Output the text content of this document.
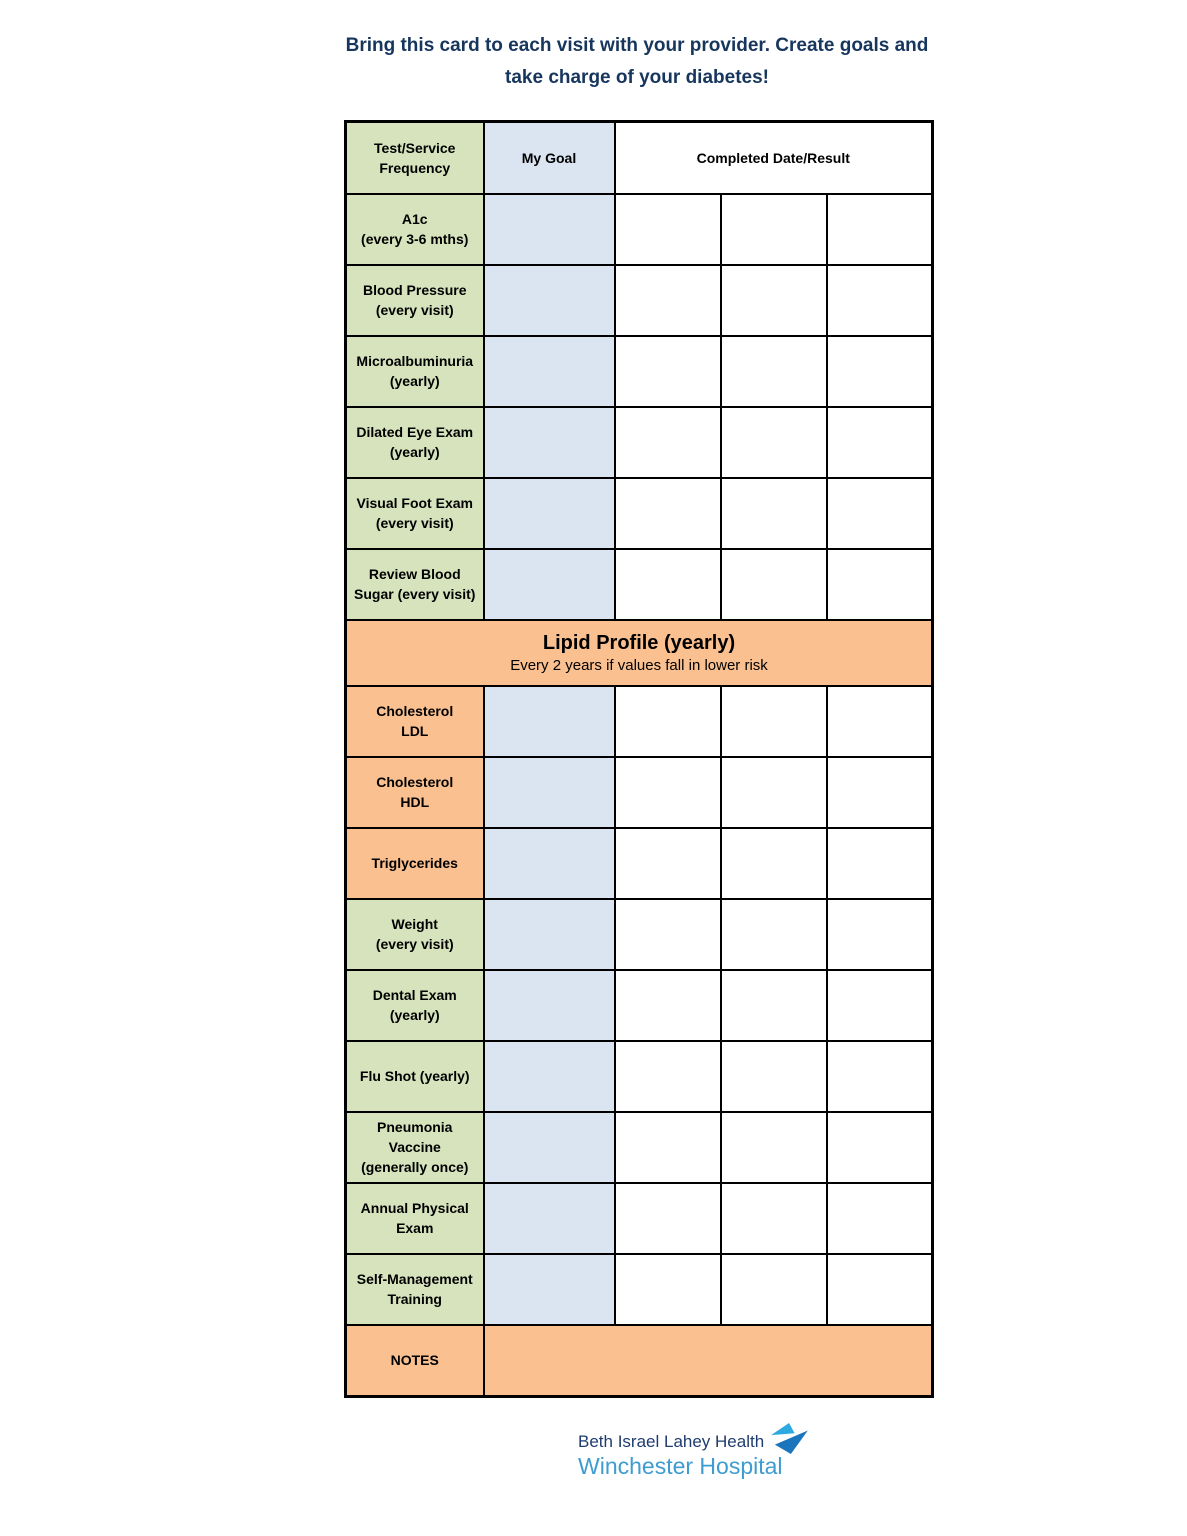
Bring this card to each visit with your provider. Create goals and
take charge of your diabetes!
Test/Service Frequency	My Goal	Completed Date/Result		

A1c
(every 3-6 mths)				

Blood Pressure
(every visit)				

Microalbuminuria
(yearly)				

Dilated Eye Exam
(yearly)				

Visual Foot Exam
(every visit)				

Review Blood Sugar (every visit)				

Lipid Profile (yearly)
Every 2 years if values fall in lower risk				

Cholesterol
LDL				

Cholesterol
HDL				

Triglycerides				

Weight
(every visit)				

Dental Exam
(yearly)				

Flu Shot (yearly)				

Pneumonia Vaccine
(generally once)				

Annual Physical Exam				

Self-Management Training				

NOTES				
Beth Israel Lahey Health
Winchester Hospital
